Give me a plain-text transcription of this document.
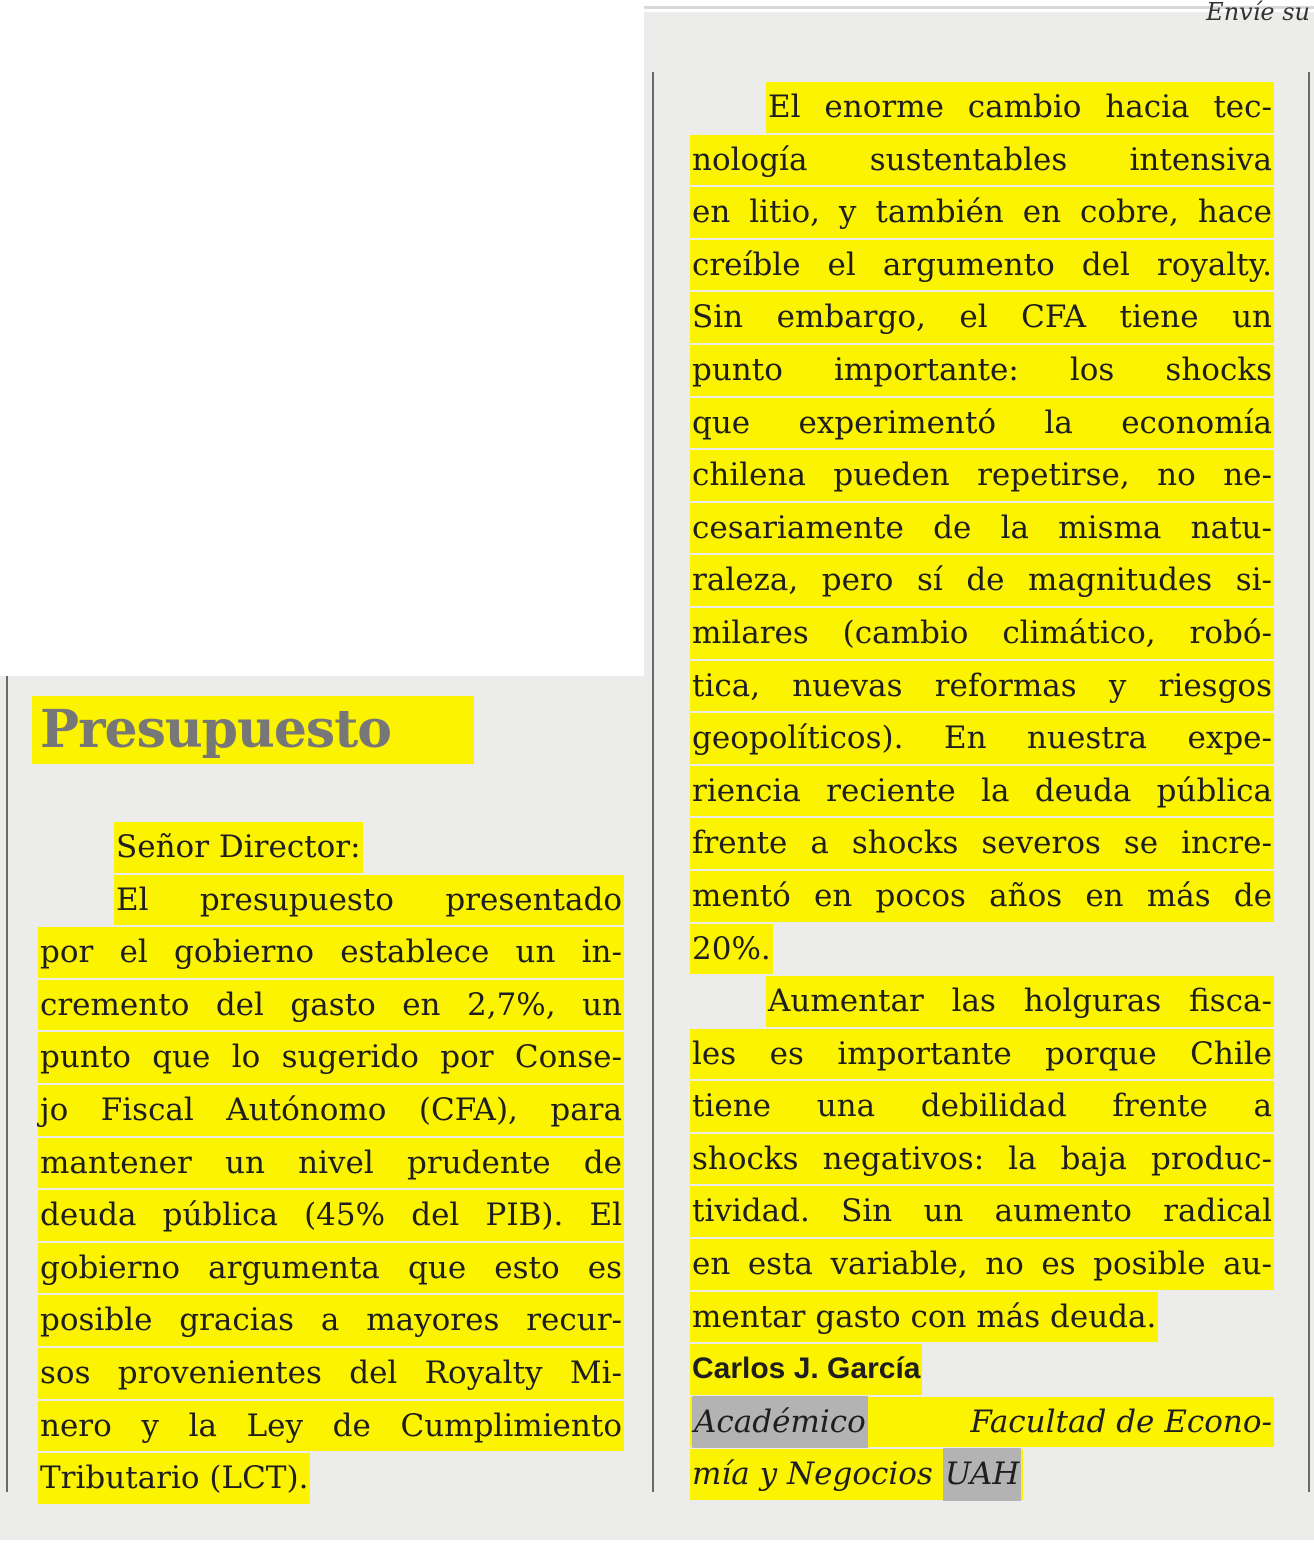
Envíe su
Presupuesto
Señor Director:
El presupuesto presentado
por el gobierno establece un in-
cremento del gasto en 2,7%, un
punto que lo sugerido por Conse-
jo Fiscal Autónomo (CFA), para
mantener un nivel prudente de
deuda pública (45% del PIB). El
gobierno argumenta que esto es
posible gracias a mayores recur-
sos provenientes del Royalty Mi-
nero y la Ley de Cumplimiento
Tributario (LCT).
El enorme cambio hacia tec-
nología sustentables intensiva
en litio, y también en cobre, hace
creíble el argumento del royalty.
Sin embargo, el CFA tiene un
punto importante: los shocks
que experimentó la economía
chilena pueden repetirse, no ne-
cesariamente de la misma natu-
raleza, pero sí de magnitudes si-
milares (cambio climático, robó-
tica, nuevas reformas y riesgos
geopolíticos). En nuestra expe-
riencia reciente la deuda pública
frente a shocks severos se incre-
mentó en pocos años en más de
20%.
Aumentar las holguras fisca-
les es importante porque Chile
tiene una debilidad frente a
shocks negativos: la baja produc-
tividad. Sin un aumento radical
en esta variable, no es posible au-
mentar gasto con más deuda.
Carlos J. García
Académico	Facultad de Econo-
mía y Negocios UAH
